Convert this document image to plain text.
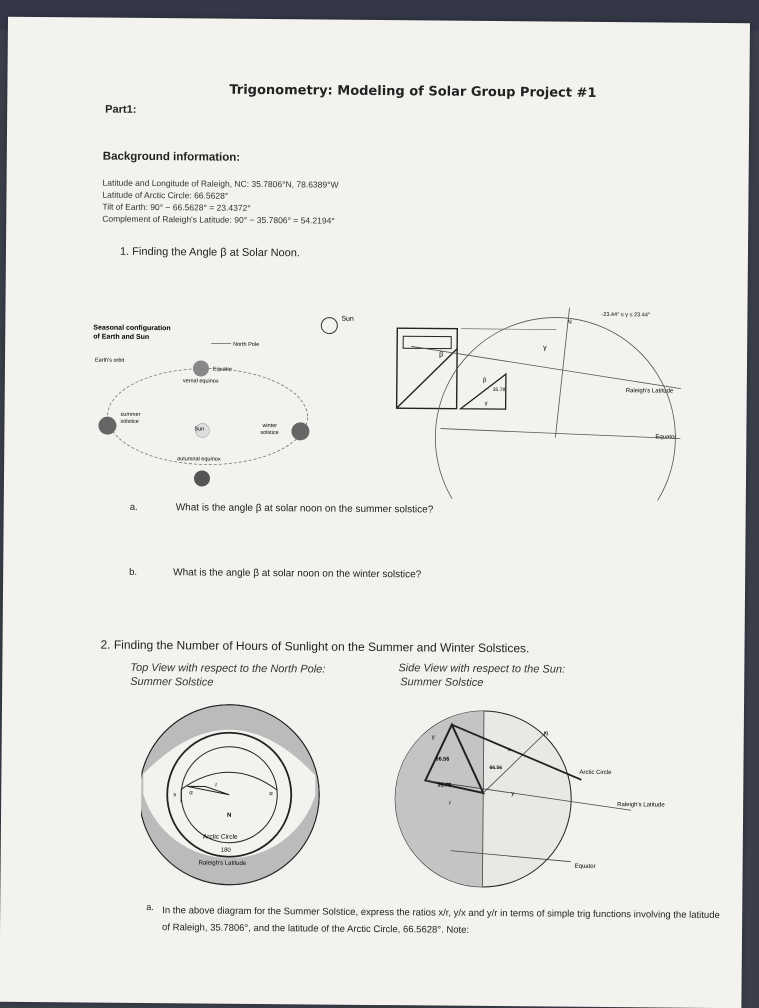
Trigonometry: Modeling of Solar Group Project #1
Part1:
Background information:
Latitude and Longitude of Raleigh, NC: 35.7806°N, 78.6389°W
Latitude of Arctic Circle: 66.5628°
Tilt of Earth: 90° − 66.5628° = 23.4372°
Complement of Raleigh's Latitude: 90° − 35.7806° = 54.2194°
1. Finding the Angle β at Solar Noon.
Seasonal configuration
of Earth and Sun
Earth's orbit
North Pole
Equator
vernal equinox
summer
solstice
Sun
winter
solstice
autumnal equinox
Sun
β
β
35.78
γ
γ
N
-23.44° ≤ γ ≤ 23.44°
Raleigh's Latitude
Equator
a.	What is the angle β at solar noon on the summer solstice?
b.	What is the angle β at solar noon on the winter solstice?
2. Finding the Number of Hours of Sunlight on the Summer and Winter Solstices.
Top View with respect to the North Pole:
Summer Solstice
Side View with respect to the Sun:
Summer Solstice
x α
r
α
N
Arctic Circle
180
Raleigh's Latitude
y
x
N
66.56
66.56
35.78
y
r
Arctic Circle
Raleigh's Latitude
Equator
a. In the above diagram for the Summer Solstice, express the ratios x/r, y/x and y/r in terms of simple trig functions involving the latitude of Raleigh, 35.7806°, and the latitude of the Arctic Circle, 66.5628°. Note:
